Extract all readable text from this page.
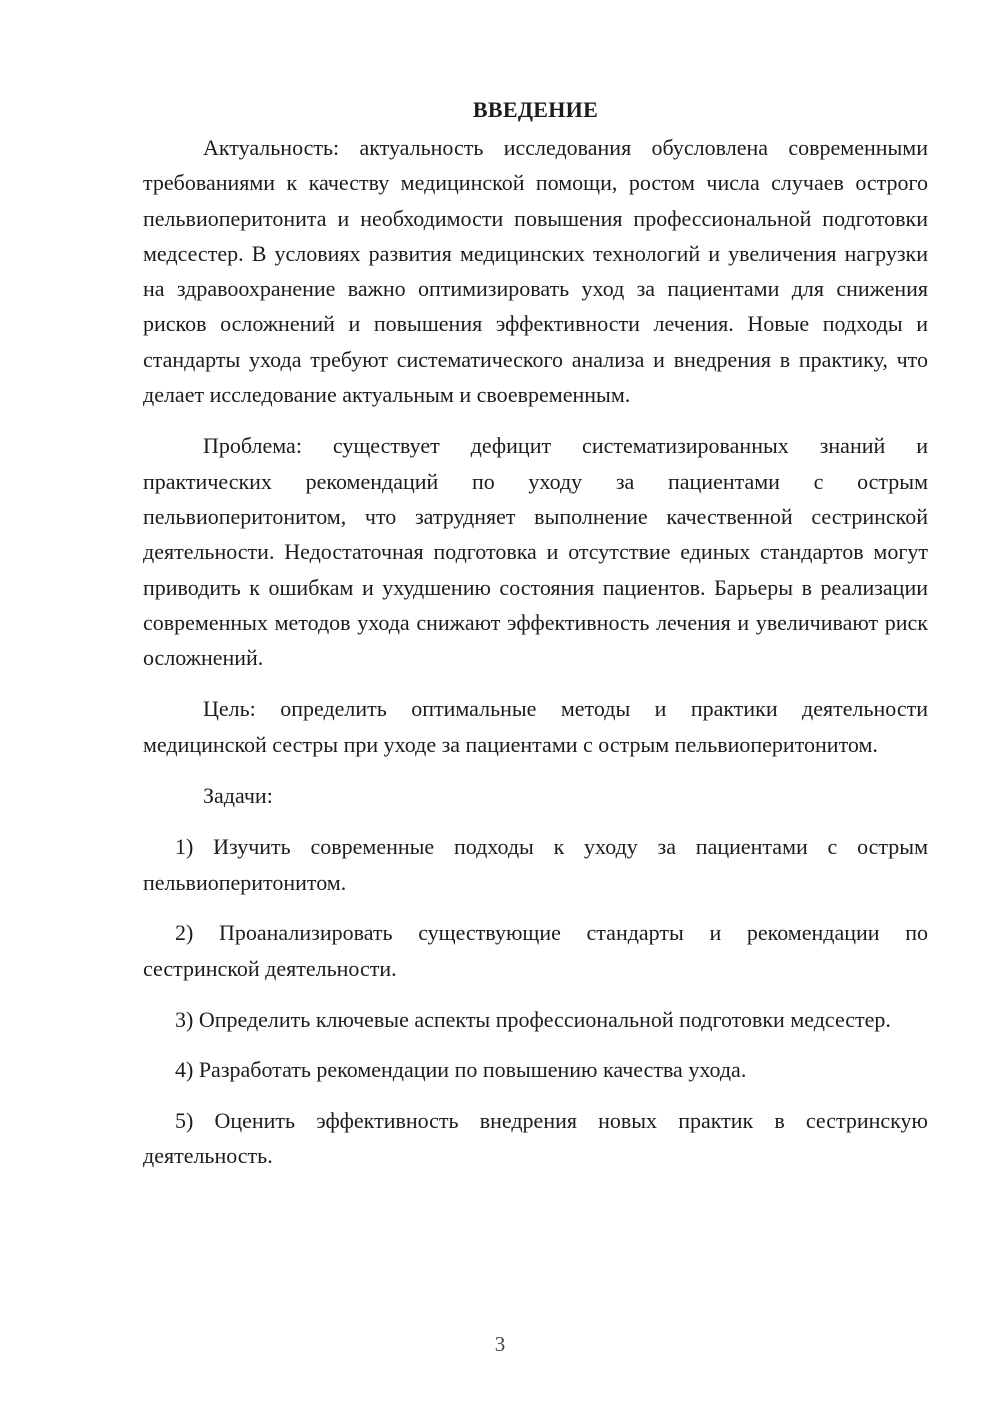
ВВЕДЕНИЕ

Актуальность: актуальность исследования обусловлена современными требованиями к качеству медицинской помощи, ростом числа случаев острого пельвиоперитонита и необходимости повышения профессиональной подготовки медсестер. В условиях развития медицинских технологий и увеличения нагрузки на здравоохранение важно оптимизировать уход за пациентами для снижения рисков осложнений и повышения эффективности лечения. Новые подходы и стандарты ухода требуют систематического анализа и внедрения в практику, что делает исследование актуальным и своевременным.

Проблема: существует дефицит систематизированных знаний и практических рекомендаций по уходу за пациентами с острым пельвиоперитонитом, что затрудняет выполнение качественной сестринской деятельности. Недостаточная подготовка и отсутствие единых стандартов могут приводить к ошибкам и ухудшению состояния пациентов. Барьеры в реализации современных методов ухода снижают эффективность лечения и увеличивают риск осложнений.

Цель: определить оптимальные методы и практики деятельности медицинской сестры при уходе за пациентами с острым пельвиоперитонитом.

Задачи:

1) Изучить современные подходы к уходу за пациентами с острым пельвиоперитонитом.

2) Проанализировать существующие стандарты и рекомендации по сестринской деятельности.

3) Определить ключевые аспекты профессиональной подготовки медсестер.

4) Разработать рекомендации по повышению качества ухода.

5) Оценить эффективность внедрения новых практик в сестринскую деятельность.

3
